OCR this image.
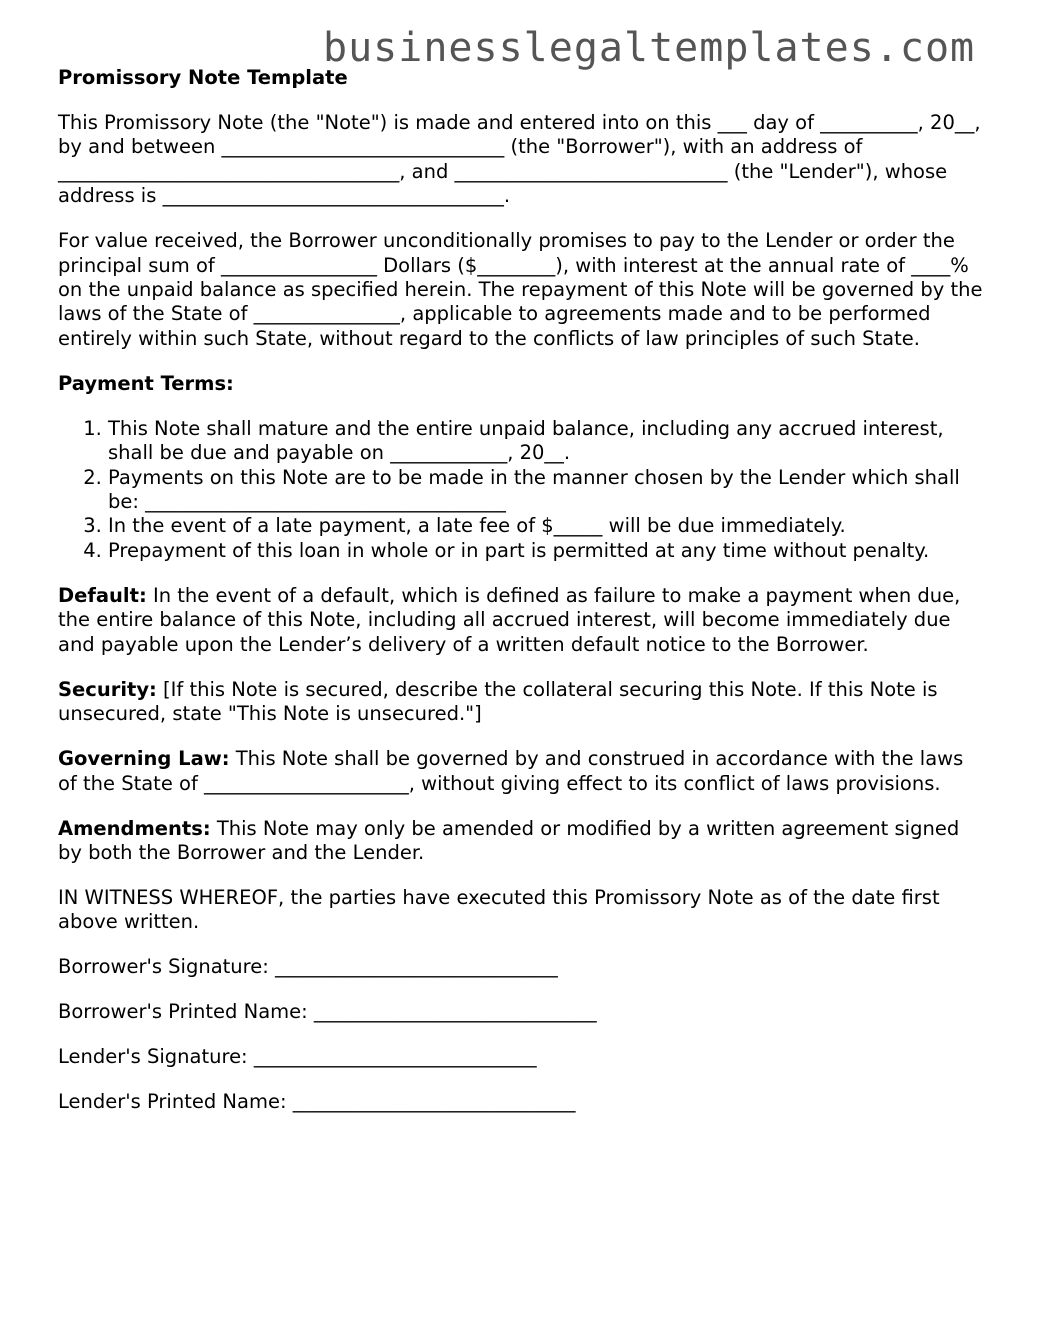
businesslegaltemplates.com

Promissory Note Template

This Promissory Note (the "Note") is made and entered into on this ___ day of __________, 20__, by and between _____________________________ (the "Borrower"), with an address of ___________________________________, and ____________________________ (the "Lender"), whose address is ___________________________________.

For value received, the Borrower unconditionally promises to pay to the Lender or order the principal sum of ________________ Dollars ($________), with interest at the annual rate of ____% on the unpaid balance as specified herein. The repayment of this Note will be governed by the laws of the State of _______________, applicable to agreements made and to be performed entirely within such State, without regard to the conflicts of law principles of such State.

Payment Terms:

1. This Note shall mature and the entire unpaid balance, including any accrued interest, shall be due and payable on ____________, 20__.
2. Payments on this Note are to be made in the manner chosen by the Lender which shall be: _____________________________________
3. In the event of a late payment, a late fee of $_____ will be due immediately.
4. Prepayment of this loan in whole or in part is permitted at any time without penalty.

Default: In the event of a default, which is defined as failure to make a payment when due, the entire balance of this Note, including all accrued interest, will become immediately due and payable upon the Lender’s delivery of a written default notice to the Borrower.

Security: [If this Note is secured, describe the collateral securing this Note. If this Note is unsecured, state "This Note is unsecured."]

Governing Law: This Note shall be governed by and construed in accordance with the laws of the State of _____________________, without giving effect to its conflict of laws provisions.

Amendments: This Note may only be amended or modified by a written agreement signed by both the Borrower and the Lender.

IN WITNESS WHEREOF, the parties have executed this Promissory Note as of the date first above written.

Borrower's Signature: _____________________________

Borrower's Printed Name: _____________________________

Lender's Signature: _____________________________

Lender's Printed Name: _____________________________
